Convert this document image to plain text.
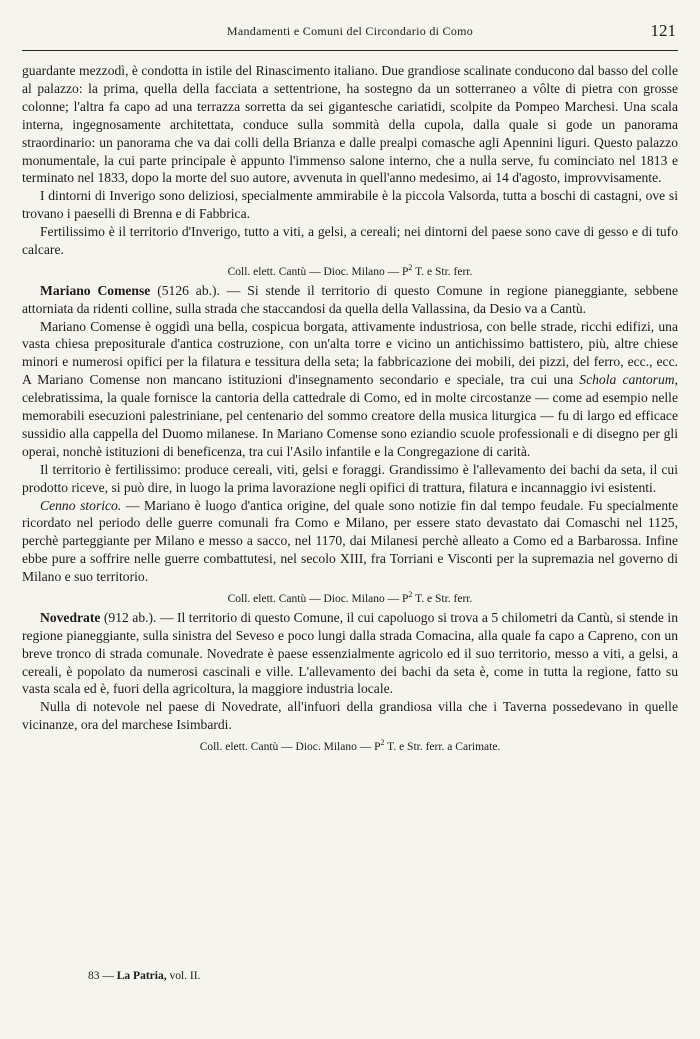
Mandamenti e Comuni del Circondario di Como	121

guardante mezzodì, è condotta in istile del Rinascimento italiano. Due grandiose scalinate conducono dal basso del colle al palazzo: la prima, quella della facciata a settentrione, ha sostegno da un sotterraneo a vôlte di pietra con grosse colonne; l'altra fa capo ad una terrazza sorretta da sei gigantesche cariatidi, scolpite da Pompeo Marchesi. Una scala interna, ingegnosamente architettata, conduce sulla sommità della cupola, dalla quale si gode un panorama straordinario: un panorama che va dai colli della Brianza e dalle prealpi comasche agli Apennini liguri. Questo palazzo monumentale, la cui parte principale è appunto l'immenso salone interno, che a nulla serve, fu cominciato nel 1813 e terminato nel 1833, dopo la morte del suo autore, avvenuta in quell'anno medesimo, ai 14 d'agosto, improvvisamente.

I dintorni di Inverigo sono deliziosi, specialmente ammirabile è la piccola Valsorda, tutta a boschi di castagni, ove si trovano i paeselli di Brenna e di Fabbrica.

Fertilissimo è il territorio d'Inverigo, tutto a viti, a gelsi, a cereali; nei dintorni del paese sono cave di gesso e di tufo calcare.

Coll. elett. Cantù — Dioc. Milano — $P^2$ T. e Str. ferr.

Mariano Comense (5126 ab.). — Si stende il territorio di questo Comune in regione pianeggiante, sebbene attorniata da ridenti colline, sulla strada che staccandosi da quella della Vallassina, da Desio va a Cantù.

Mariano Comense è oggidì una bella, cospicua borgata, attivamente industriosa, con belle strade, ricchi edifizi, una vasta chiesa prepositurale d'antica costruzione, con un'alta torre e vicino un antichissimo battistero, più, altre chiese minori e numerosi opifici per la filatura e tessitura della seta; la fabbricazione dei mobili, dei pizzi, del ferro, ecc., ecc. A Mariano Comense non mancano istituzioni d'insegnamento secondario e speciale, tra cui una Schola cantorum, celebratissima, la quale fornisce la cantoria della cattedrale di Como, ed in molte circostanze — come ad esempio nelle memorabili esecuzioni palestriniane, pel centenario del sommo creatore della musica liturgica — fu di largo ed efficace sussidio alla cappella del Duomo milanese. In Mariano Comense sono eziandio scuole professionali e di disegno per gli operai, nonchè istituzioni di beneficenza, tra cui l'Asilo infantile e la Congregazione di carità.

Il territorio è fertilissimo: produce cereali, viti, gelsi e foraggi. Grandissimo è l'allevamento dei bachi da seta, il cui prodotto riceve, si può dire, in luogo la prima lavorazione negli opifici di trattura, filatura e incannaggio ivi esistenti.

Cenno storico. — Mariano è luogo d'antica origine, del quale sono notizie fin dal tempo feudale. Fu specialmente ricordato nel periodo delle guerre comunali fra Como e Milano, per essere stato devastato dai Comaschi nel 1125, perchè parteggiante per Milano e messo a sacco, nel 1170, dai Milanesi perchè alleato a Como ed a Barbarossa. Infine ebbe pure a soffrire nelle guerre combattutesi, nel secolo XIII, fra Torriani e Visconti per la supremazia nel governo di Milano e suo territorio.

Coll. elett. Cantù — Dioc. Milano — $P^2$ T. e Str. ferr.

Novedrate (912 ab.). — Il territorio di questo Comune, il cui capoluogo si trova a 5 chilometri da Cantù, si stende in regione pianeggiante, sulla sinistra del Seveso e poco lungi dalla strada Comacina, alla quale fa capo a Capreno, con un breve tronco di strada comunale. Novedrate è paese essenzialmente agricolo ed il suo territorio, messo a viti, a gelsi, a cereali, è popolato da numerosi cascinali e ville. L'allevamento dei bachi da seta è, come in tutta la regione, fatto su vasta scala ed è, fuori della agricoltura, la maggiore industria locale.

Nulla di notevole nel paese di Novedrate, all'infuori della grandiosa villa che i Taverna possedevano in quelle vicinanze, ora del marchese Isimbardi.

Coll. elett. Cantù — Dioc. Milano — $P^2$ T. e Str. ferr. a Carimate.

83 — La Patria, vol. II.
